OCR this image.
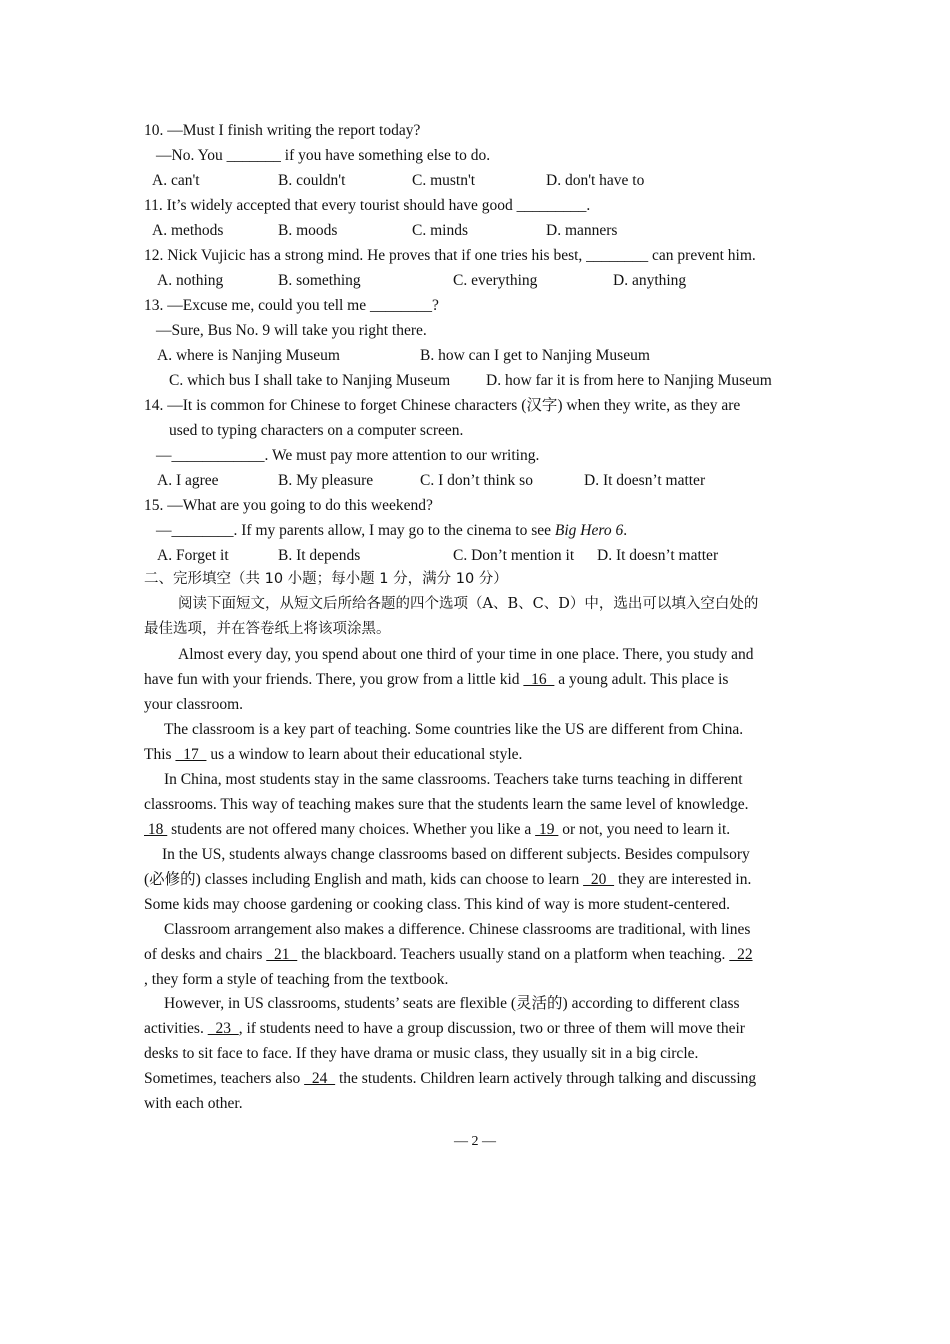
10. —Must I finish writing the report today?
—No. You _______ if you have something else to do.
A. can't	B. couldn't	C. mustn't	D. don't have to
11. It’s widely accepted that every tourist should have good _________.
A. methods	B. moods	C. minds	D. manners
12. Nick Vujicic has a strong mind. He proves that if one tries his best, ________ can prevent him.
A. nothing	B. something	C. everything	D. anything
13. —Excuse me, could you tell me ________?
—Sure, Bus No. 9 will take you right there.
A. where is Nanjing Museum	B. how can I get to Nanjing Museum
C. which bus I shall take to Nanjing Museum D. how far it is from here to Nanjing Museum
14. —It is common for Chinese to forget Chinese characters (汉字) when they write, as they are
used to typing characters on a computer screen.
—____________. We must pay more attention to our writing.
A. I agree	B. My pleasure	C. I don’t think so	D. It doesn’t matter
15. —What are you going to do this weekend?
—________. If my parents allow, I may go to the cinema to see Big Hero 6.
A. Forget it	B. It depends	C. Don’t mention it D. It doesn’t matter
二、完形填空（共 10 小题；每小题 1 分，满分 10 分）
阅读下面短文，从短文后所给各题的四个选项（A、B、C、D）中，选出可以填入空白处的
最佳选项，并在答卷纸上将该项涂黑。
Almost every day, you spend about one third of your time in one place. There, you study and
have fun with your friends. There, you grow from a little kid   16   a young adult. This place is
your classroom.
The classroom is a key part of teaching. Some countries like the US are different from China.
This   17   us a window to learn about their educational style.
In China, most students stay in the same classrooms. Teachers take turns teaching in different
classrooms. This way of teaching makes sure that the students learn the same level of knowledge.
18  students are not offered many choices. Whether you like a  19  or not, you need to learn it.
In the US, students always change classrooms based on different subjects. Besides compulsory
(必修的) classes including English and math, kids can choose to learn   20   they are interested in.
Some kids may choose gardening or cooking class. This kind of way is more student-centered.
Classroom arrangement also makes a difference. Chinese classrooms are traditional, with lines
of desks and chairs   21   the blackboard. Teachers usually stand on a platform when teaching.   22
, they form a style of teaching from the textbook.
However, in US classrooms, students’ seats are flexible (灵活的) according to different class
activities.   23  , if students need to have a group discussion, two or three of them will move their
desks to sit face to face. If they have drama or music class, they usually sit in a big circle.
Sometimes, teachers also   24   the students. Children learn actively through talking and discussing
with each other.
— 2 —
